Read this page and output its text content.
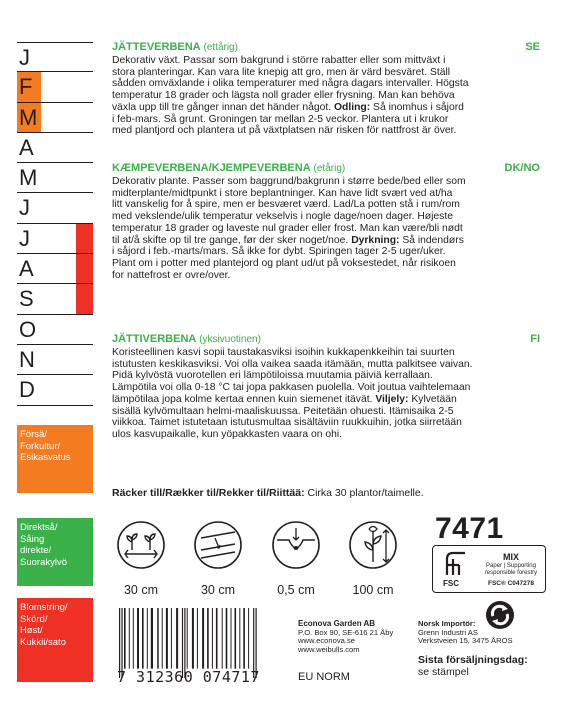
J
F
M
A
M
J
J
A
S
O
N
D
Försä/
Forkultur/
Esikasvatus
Direktså/
Såing
direkte/
Suorakylvö
Blomstring/
Skörd/
Høst/
Kukkii/sato
JÄTTEVERBENA (ettårig)	SE
Dekorativ växt. Passar som bakgrund i större rabatter eller som mittväxt i
stora planteringar. Kan vara lite knepig att gro, men är värd besväret. Ställ
sådden omväxlande i olika temperaturer med några dagars intervaller. Högsta
temperatur 18 grader och lägsta noll grader eller frysning. Man kan behöva
växla upp till tre gånger innan det händer något. Odling: Så inomhus i såjord
i feb-mars. Så grunt. Groningen tar mellan 2-5 veckor. Plantera ut i krukor
med plantjord och plantera ut på växtplatsen när risken för nattfrost är över.
KÆMPEVERBENA/KJEMPEVERBENA (etårig)	DK/NO
Dekorativ plante. Passer som baggrund/bakgrunn i større bede/bed eller som
midterplante/midtpunkt i store beplantninger. Kan have lidt svært ved at/ha
litt vanskelig for å spire, men er besværet værd. Lad/La potten stå i rum/rom
med vekslende/ulik temperatur vekselvis i nogle dage/noen dager. Højeste
temperatur 18 grader og laveste nul grader eller frost. Man kan være/bli nødt
til at/å skifte op til tre gange, før der sker noget/noe. Dyrkning: Så indendørs
i såjord i feb.-marts/mars. Så ikke for dybt. Spiringen tager 2-5 uger/uker.
Plant om i potter med plantejord og plant ud/ut på voksestedet, når risikoen
for nattefrost er ovre/over.
JÄTTIVERBENA (yksivuotinen)	FI
Koristeellinen kasvi sopii taustakasviksi isoihin kukkapenkkeihin tai suurten
istutusten keskikasviksi. Voi olla vaikea saada itämään, mutta palkitsee vaivan.
Pidä kylvöstä vuorotellen eri lämpötiloissa muutamia päiviä kerrallaan.
Lämpötila voi olla 0-18 °C tai jopa pakkasen puolella. Voit joutua vaihtelemaan
lämpötilaa jopa kolme kertaa ennen kuin siemenet itävät. Viljely: Kylvetään
sisällä kylvömultaan helmi-maaliskuussa. Peitetään ohuesti. Itämisaika 2-5
viikkoa. Taimet istutetaan istutusmultaa sisältäviin ruukkuihin, jotka siirretään
ulos kasvupaikalle, kun yöpakkasten vaara on ohi.
Räcker till/Rækker til/Rekker til/Riittää: Cirka 30 plantor/taimelle.
30 cm	30 cm	0,5 cm	100 cm
7471
FSC
MIX
Paper | Supporting
responsible forestry
FSC® C047278
7 312360 074717
Econova Garden AB
P.O. Box 90, SE-616 21 Åby
www.econova.se
www.weibulls.com
EU NORM
Norsk Importör:
Grenn Industri AS
Verkstveien 15, 3475 ÅROS
Sista försäljningsdag:
se stämpel
